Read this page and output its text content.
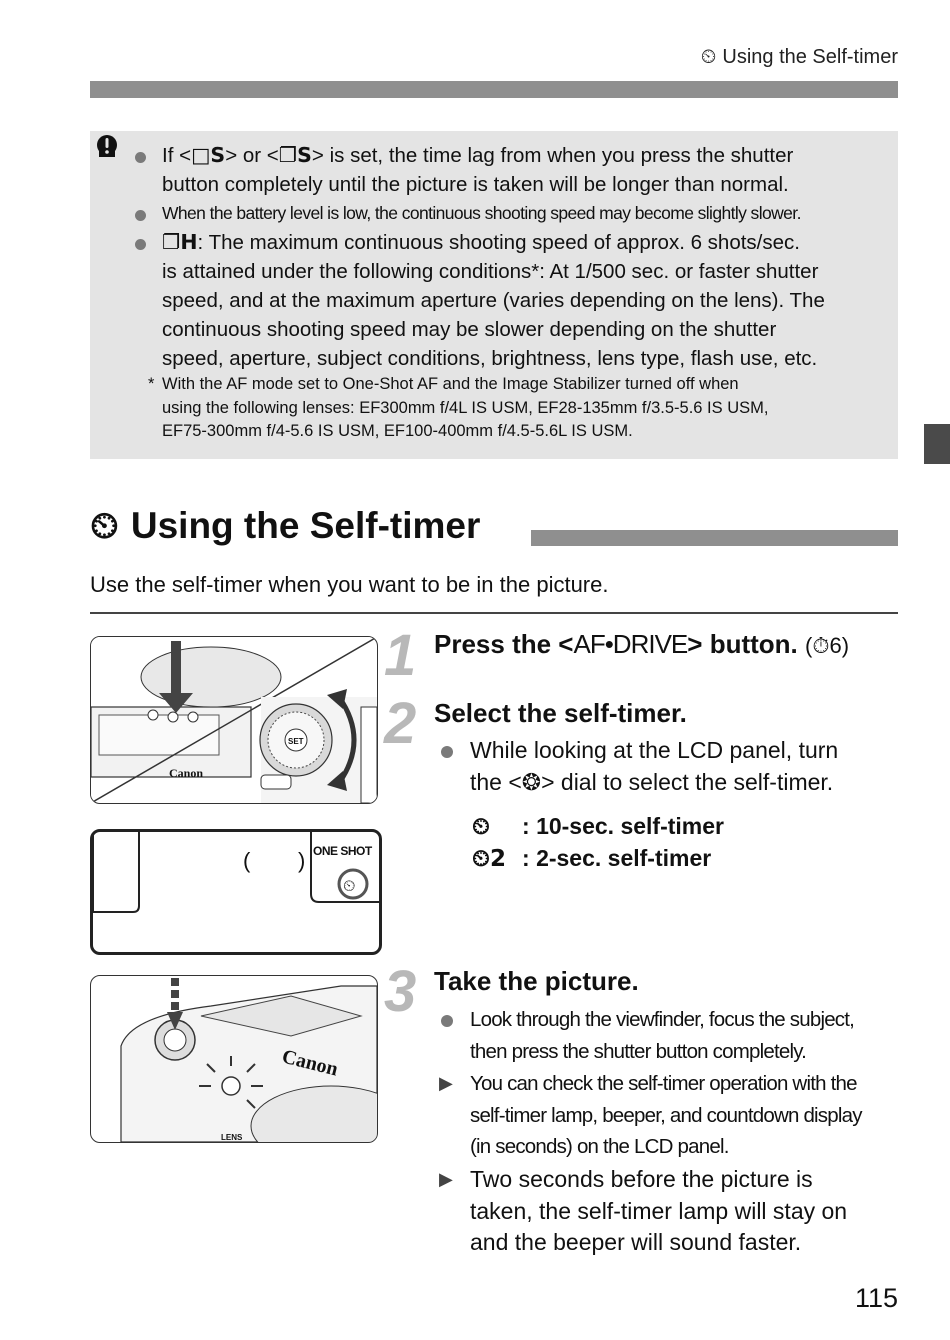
⏲ Using the Self-timer
If <□S> or <❐S> is set, the time lag from when you press the shutter
button completely until the picture is taken will be longer than normal.
When the battery level is low, the continuous shooting speed may become slightly slower.
❐H: The maximum continuous shooting speed of approx. 6 shots/sec.
is attained under the following conditions*: At 1/500 sec. or faster shutter
speed, and at the maximum aperture (varies depending on the lens). The
continuous shooting speed may be slower depending on the shutter
speed, aperture, subject conditions, brightness, lens type, flash use, etc.
* With the AF mode set to One-Shot AF and the Image Stabilizer turned off when
using the following lenses: EF300mm f/4L IS USM, EF28-135mm f/3.5-5.6 IS USM,
EF75-300mm f/4-5.6 IS USM, EF100-400mm f/4.5-5.6L IS USM.
⏲ Using the Self-timer
Use the self-timer when you want to be in the picture.
Canon
SET
( ) ONE SHOT
⏲
Canon
LENS
1
2
3
Press the <AF•DRIVE> button. (⏱6)
Select the self-timer.
While looking at the LCD panel, turn
the <❂> dial to select the self-timer.
⏲ : 10-sec. self-timer
⏲2 : 2-sec. self-timer
Take the picture.
Look through the viewfinder, focus the subject,
then press the shutter button completely.
▶ You can check the self-timer operation with the
self-timer lamp, beeper, and countdown display
(in seconds) on the LCD panel.
▶ Two seconds before the picture is
taken, the self-timer lamp will stay on
and the beeper will sound faster.
115
